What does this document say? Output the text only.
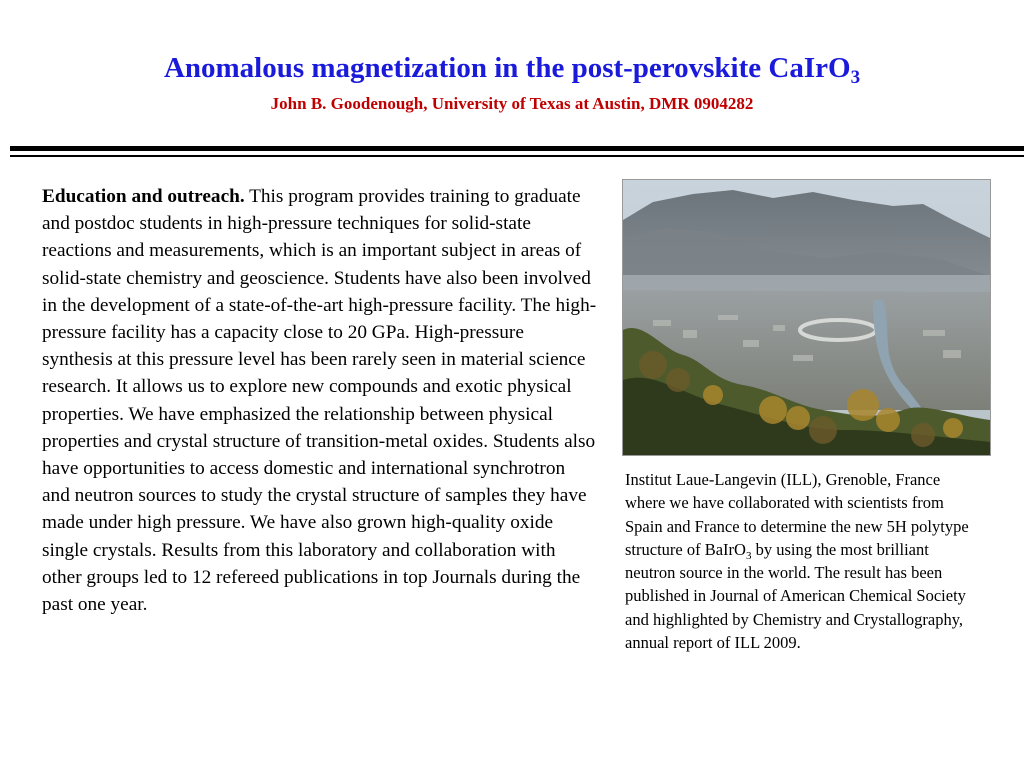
Anomalous magnetization in the post-perovskite CaIrO$_3$
John B. Goodenough, University of Texas at Austin, DMR 0904282
Education and outreach. This program provides training to graduate and postdoc students in high-pressure techniques for solid-state reactions and measurements, which is an important subject in areas of solid-state chemistry and geoscience. Students have also been involved in the development of a state-of-the-art high-pressure facility. The high-pressure facility has a capacity close to 20 GPa. High-pressure synthesis at this pressure level has been rarely seen in material science research. It allows us to explore new compounds and exotic physical properties. We have emphasized the relationship between physical properties and crystal structure of transition-metal oxides. Students also have opportunities to access domestic and international synchrotron and neutron sources to study the crystal structure of samples they have made under high pressure. We have also grown high-quality oxide single crystals. Results from this laboratory and collaboration with other groups led to 12 refereed publications in top Journals during the past one year.
Institut Laue-Langevin (ILL), Grenoble, France where we have collaborated with scientists from Spain and France to determine the new 5H polytype structure of BaIrO$_3$ by using the most brilliant neutron source in the world. The result has been published in Journal of American Chemical Society and highlighted by Chemistry and Crystallography, annual report of ILL 2009.
